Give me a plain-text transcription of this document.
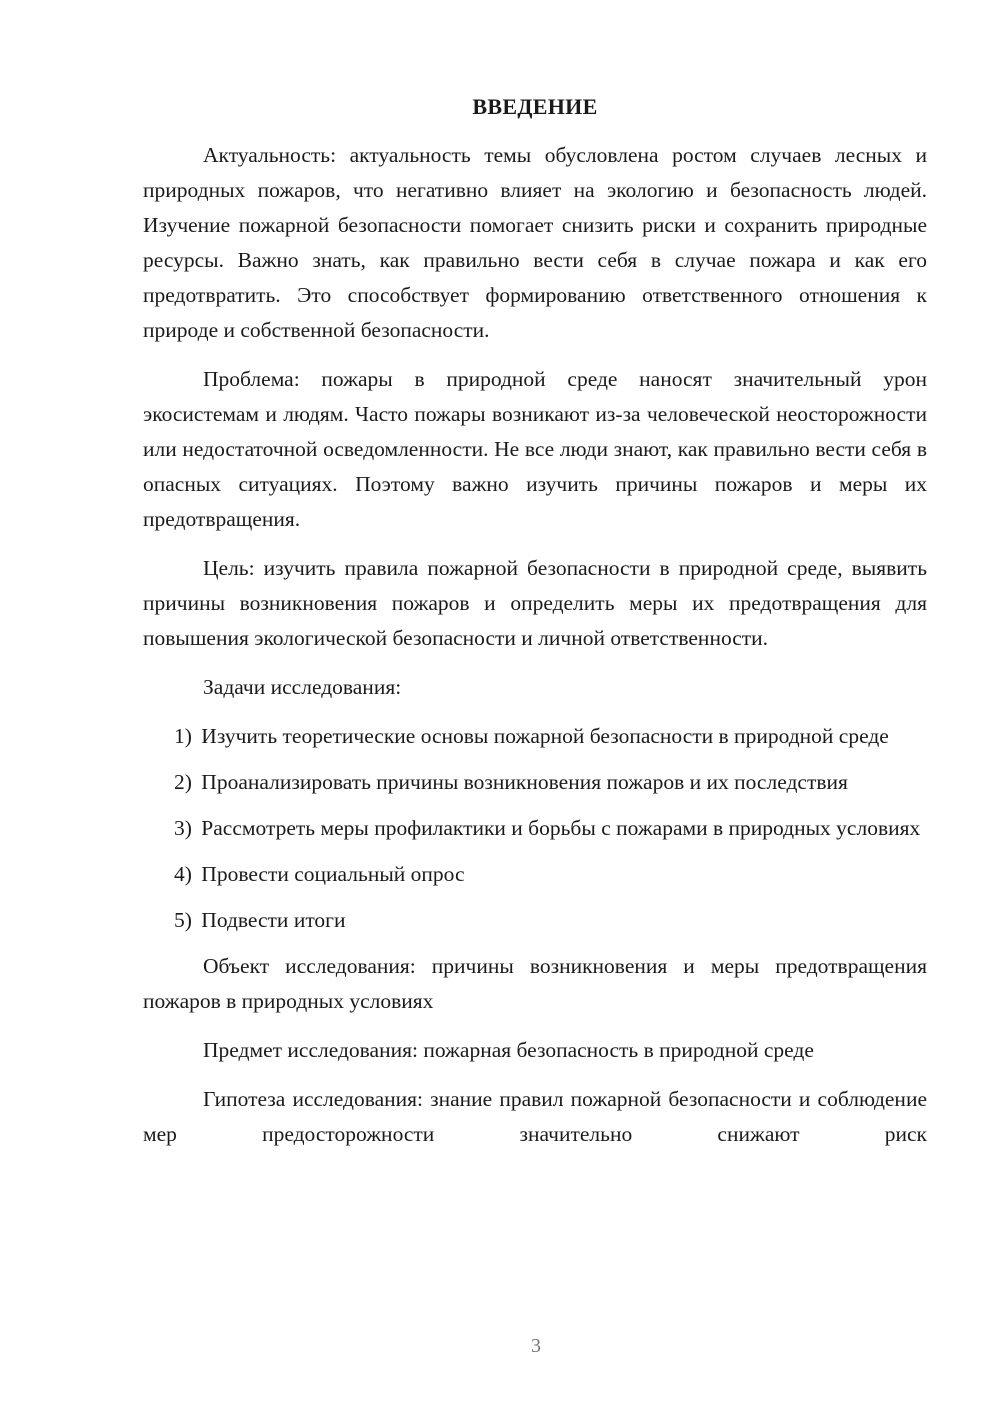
ВВЕДЕНИЕ

Актуальность: актуальность темы обусловлена ростом случаев лесных и природных пожаров, что негативно влияет на экологию и безопасность людей. Изучение пожарной безопасности помогает снизить риски и сохранить природные ресурсы. Важно знать, как правильно вести себя в случае пожара и как его предотвратить. Это способствует формированию ответственного отношения к природе и собственной безопасности.

Проблема: пожары в природной среде наносят значительный урон экосистемам и людям. Часто пожары возникают из-за человеческой неосторожности или недостаточной осведомленности. Не все люди знают, как правильно вести себя в опасных ситуациях. Поэтому важно изучить причины пожаров и меры их предотвращения.

Цель: изучить правила пожарной безопасности в природной среде, выявить причины возникновения пожаров и определить меры их предотвращения для повышения экологической безопасности и личной ответственности.

Задачи исследования:

1) Изучить теоретические основы пожарной безопасности в природной среде

2) Проанализировать причины возникновения пожаров и их последствия

3) Рассмотреть меры профилактики и борьбы с пожарами в природных условиях

4) Провести социальный опрос

5) Подвести итоги

Объект исследования: причины возникновения и меры предотвращения пожаров в природных условиях

Предмет исследования: пожарная безопасность в природной среде

Гипотеза исследования: знание правил пожарной безопасности и соблюдение мер предосторожности значительно снижают риск

3
